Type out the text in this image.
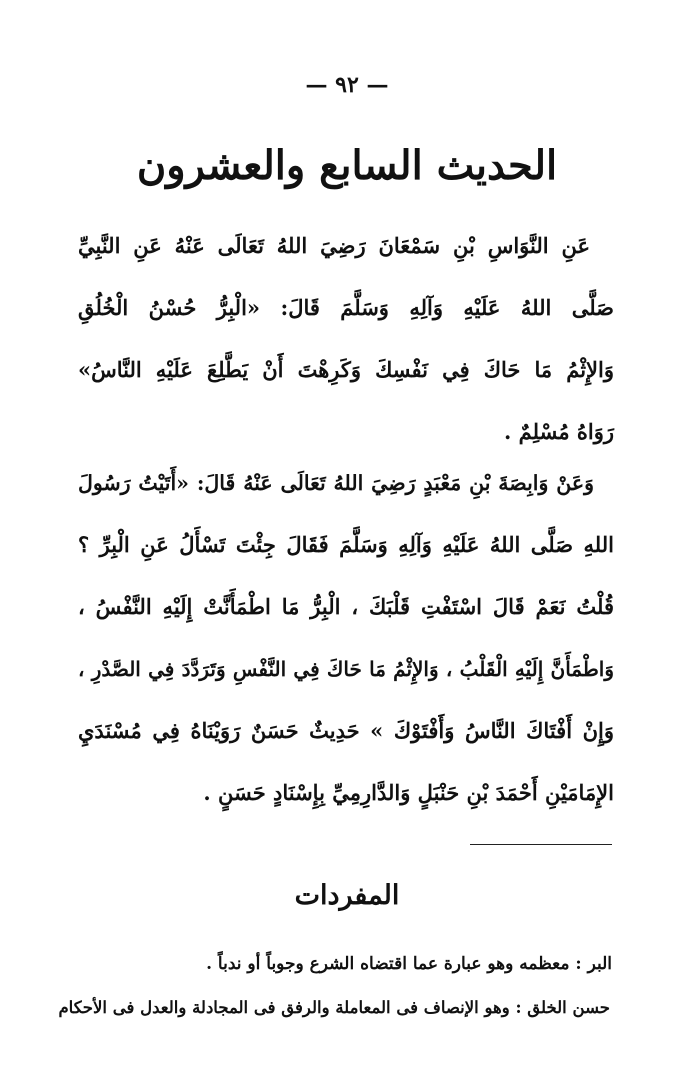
— ٩٢ —
الحديث السابع والعشرون
عَنِ النَّوَاسِ بْنِ سَمْعَانَ رَضِيَ اللهُ تَعَالَى عَنْهُ عَنِ النَّبِيِّ
صَلَّى اللهُ عَلَيْهِ وَآلِهِ وَسَلَّمَ قَالَ: «الْبِرُّ حُسْنُ الْخُلُقِ
وَالإِثْمُ مَا حَاكَ فِي نَفْسِكَ وَكَرِهْتَ أَنْ يَطَّلِعَ عَلَيْهِ النَّاسُ»
رَوَاهُ مُسْلِمٌ .
وَعَنْ وَابِصَةَ بْنِ مَعْبَدٍ رَضِيَ اللهُ تَعَالَى عَنْهُ قَالَ: «أَتَيْتُ رَسُولَ
اللهِ صَلَّى اللهُ عَلَيْهِ وَآلِهِ وَسَلَّمَ فَقَالَ جِئْتَ تَسْأَلُ عَنِ الْبِرِّ ؟
قُلْتُ نَعَمْ قَالَ اسْتَفْتِ قَلْبَكَ ، الْبِرُّ مَا اطْمَأَنَّتْ إِلَيْهِ النَّفْسُ ،
وَاطْمَأَنَّ إِلَيْهِ الْقَلْبُ ، وَالإِثْمُ مَا حَاكَ فِي النَّفْسِ وَتَرَدَّدَ فِي الصَّدْرِ ،
وَإِنْ أَفْتَاكَ النَّاسُ وَأَفْتَوْكَ » حَدِيثٌ حَسَنٌ رَوَيْنَاهُ فِي مُسْنَدَيِ
الإِمَامَيْنِ أَحْمَدَ بْنِ حَنْبَلٍ وَالدَّارِمِيِّ بِإِسْنَادٍ حَسَنٍ .
المفردات
البر : معظمه وهو عبارة عما اقتضاه الشرع وجوباً أو ندباً .
حسن الخلق : وهو الإنصاف فى المعاملة والرفق فى المجادلة والعدل فى الأحكام
